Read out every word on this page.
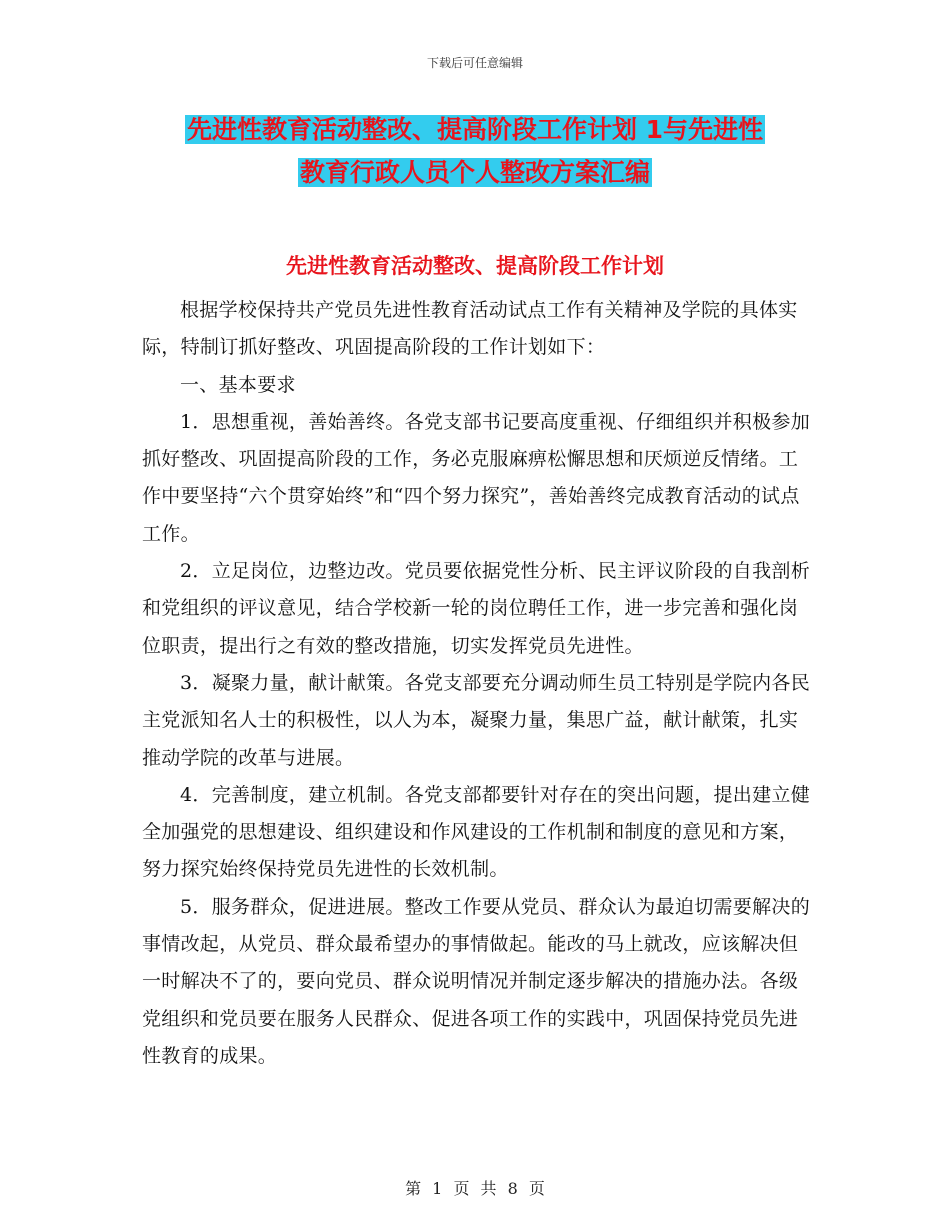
下载后可任意编辑
先进性教育活动整改、提高阶段工作计划 1与先进性
教育行政人员个人整改方案汇编
先进性教育活动整改、提高阶段工作计划

根据学校保持共产党员先进性教育活动试点工作有关精神及学院的具体实际，特制订抓好整改、巩固提高阶段的工作计划如下：

一、基本要求

1．思想重视，善始善终。各党支部书记要高度重视、仔细组织并积极参加抓好整改、巩固提高阶段的工作，务必克服麻痹松懈思想和厌烦逆反情绪。工作中要坚持“六个贯穿始终”和“四个努力探究”，善始善终完成教育活动的试点工作。

2．立足岗位，边整边改。党员要依据党性分析、民主评议阶段的自我剖析和党组织的评议意见，结合学校新一轮的岗位聘任工作，进一步完善和强化岗位职责，提出行之有效的整改措施，切实发挥党员先进性。

3．凝聚力量，献计献策。各党支部要充分调动师生员工特别是学院内各民主党派知名人士的积极性，以人为本，凝聚力量，集思广益，献计献策，扎实推动学院的改革与进展。

4．完善制度，建立机制。各党支部都要针对存在的突出问题，提出建立健全加强党的思想建设、组织建设和作风建设的工作机制和制度的意见和方案，努力探究始终保持党员先进性的长效机制。

5．服务群众，促进进展。整改工作要从党员、群众认为最迫切需要解决的事情改起，从党员、群众最希望办的事情做起。能改的马上就改，应该解决但一时解决不了的，要向党员、群众说明情况并制定逐步解决的措施办法。各级党组织和党员要在服务人民群众、促进各项工作的实践中，巩固保持党员先进性教育的成果。

第 1 页 共 8 页
